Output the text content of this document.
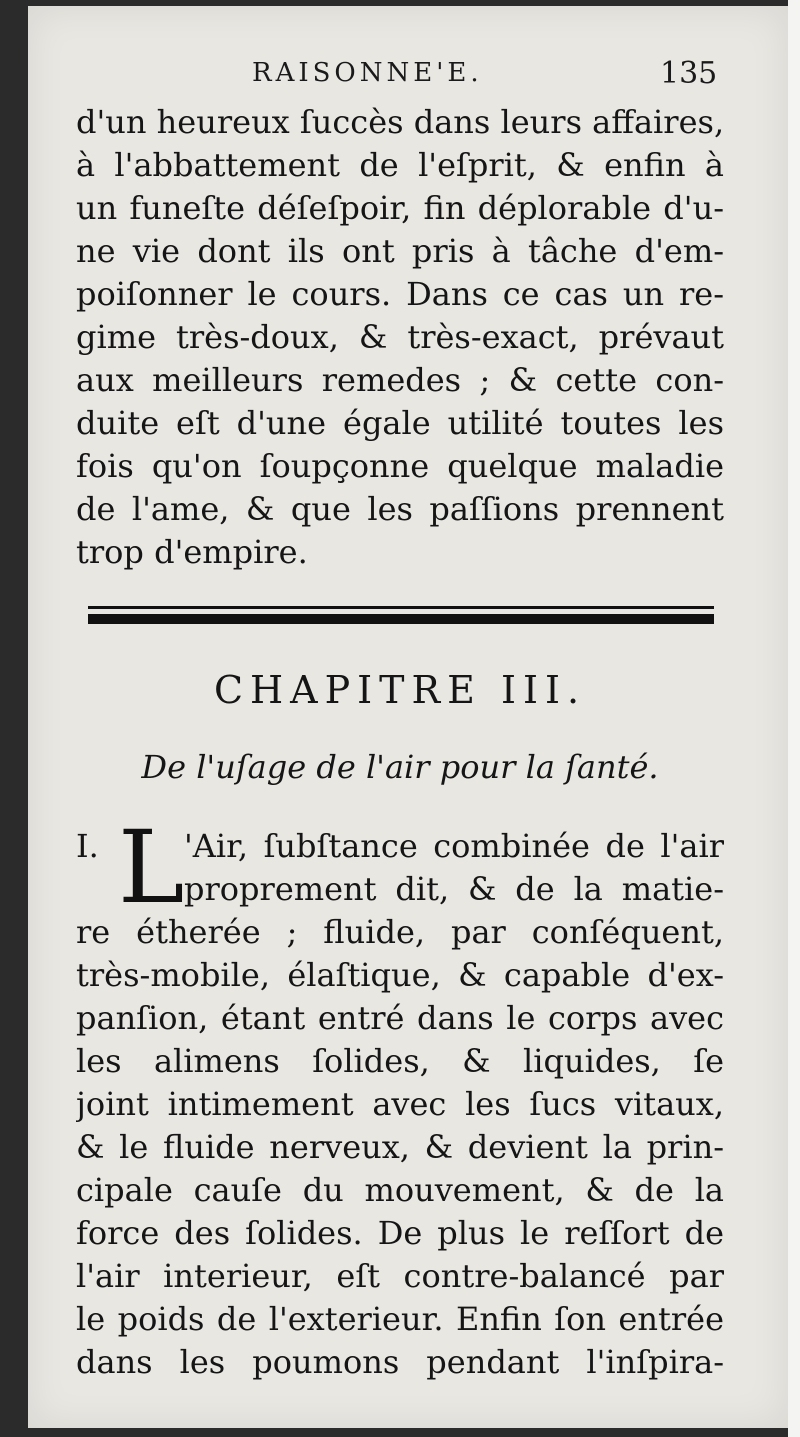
RAISONNE'E.	135
d'un heureux ſuccès dans leurs affaires,
à l'abbattement de l'eſprit, & enfin à
un funeſte déſeſpoir, fin déplorable d'u-
ne vie dont ils ont pris à tâche d'em-
poiſonner le cours. Dans ce cas un re-
gime très-doux, & très-exact, prévaut
aux meilleurs remedes ; & cette con-
duite eſt d'une égale utilité toutes les
fois qu'on ſoupçonne quelque maladie
de l'ame, & que les paſſions prennent
trop d'empire.
CHAPITRE III.
De l'uſage de l'air pour la ſanté.
I. L 'Air, ſubſtance combinée de l'air
proprement dit, & de la matie-
re étherée ; fluide, par conſéquent,
très-mobile, élaſtique, & capable d'ex-
panſion, étant entré dans le corps avec
les alimens ſolides, & liquides, ſe
joint intimement avec les ſucs vitaux,
& le fluide nerveux, & devient la prin-
cipale cauſe du mouvement, & de la
force des ſolides. De plus le reſſort de
l'air interieur, eſt contre-balancé par
le poids de l'exterieur. Enfin ſon entrée
dans les poumons pendant l'inſpira-
